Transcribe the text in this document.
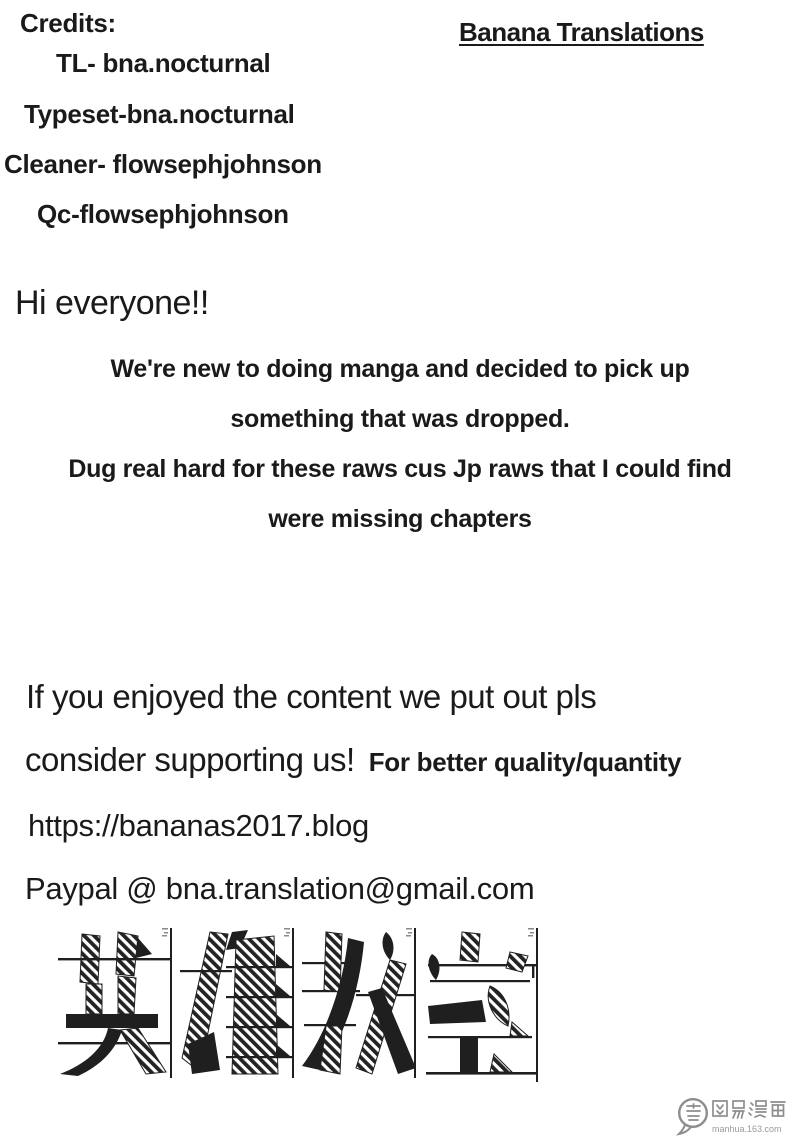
Credits:
TL- bna.nocturnal
Typeset-bna.nocturnal
Cleaner- flowsephjohnson
Qc-flowsephjohnson
Banana Translations
Hi everyone!!
We're new to doing manga and decided to pick up
something that was dropped.
Dug real hard for these raws cus Jp raws that I could find
were missing chapters
If you enjoyed the content we put out pls
consider supporting us! For better quality/quantity
https://bananas2017.blog
Paypal @ bna.translation@gmail.com
manhua.163.com
